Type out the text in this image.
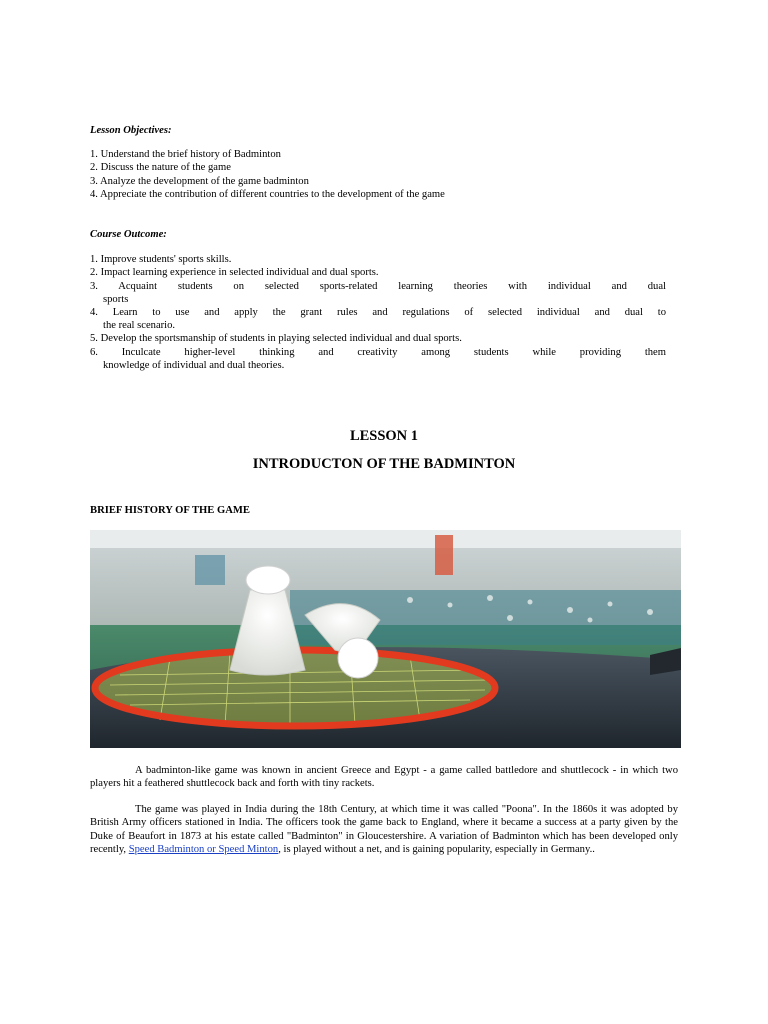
Lesson Objectives:
1. Understand the brief history of Badminton
2. Discuss the nature of the game
3. Analyze the development of the game badminton
4. Appreciate the contribution of different countries to the development of the game
Course Outcome:
1. Improve students' sports skills.
2. Impact learning experience in selected individual and dual sports.
3. Acquaint students on selected sports-related learning theories with individual and dual
sports
4. Learn to use and apply the grant rules and regulations of selected individual and dual to
the real scenario.
5. Develop the sportsmanship of students in playing selected individual and dual sports.
6. Inculcate higher-level thinking and creativity among students while providing them
knowledge of individual and dual theories.
LESSON 1
INTRODUCTON OF THE BADMINTON
BRIEF HISTORY OF THE GAME

A badminton-like game was known in ancient Greece and Egypt - a game called battledore and shuttlecock - in which two players hit a feathered shuttlecock back and forth with tiny rackets.

The game was played in India during the 18th Century, at which time it was called "Poona". In the 1860s it was adopted by British Army officers stationed in India. The officers took the game back to England, where it became a success at a party given by the Duke of Beaufort in 1873 at his estate called "Badminton" in Gloucestershire. A variation of Badminton which has been developed only recently, Speed Badminton or Speed Minton, is played without a net, and is gaining popularity, especially in Germany..
